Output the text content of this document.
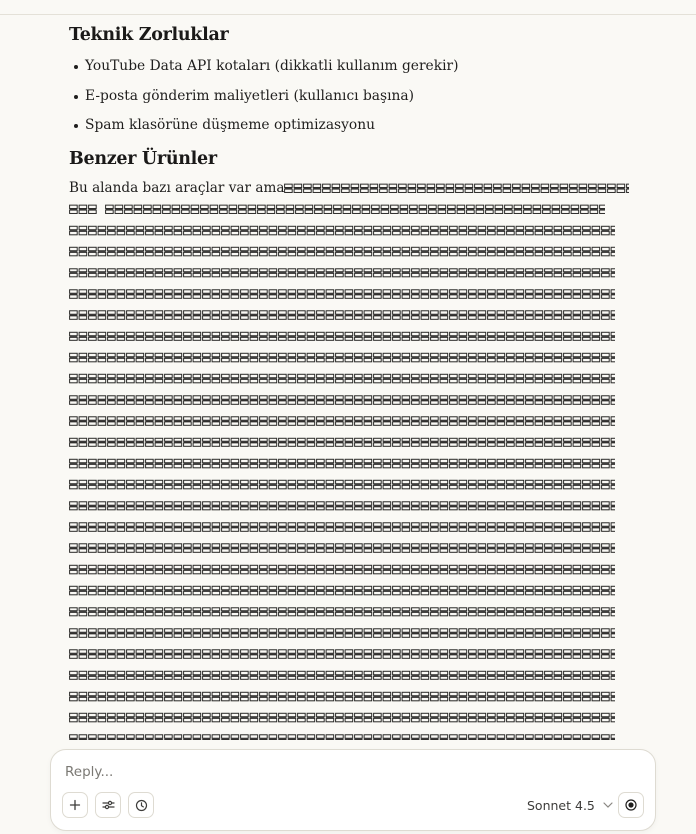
Teknik Zorluklar
YouTube Data API kotaları (dikkatli kullanım gerekir)
E-posta gönderim maliyetleri (kullanıcı başına)
Spam klasörüne düşmeme optimizasyonu
Benzer Ürünler
Bu alanda bazı araçlar var ama
Reply...
Sonnet 4.5
